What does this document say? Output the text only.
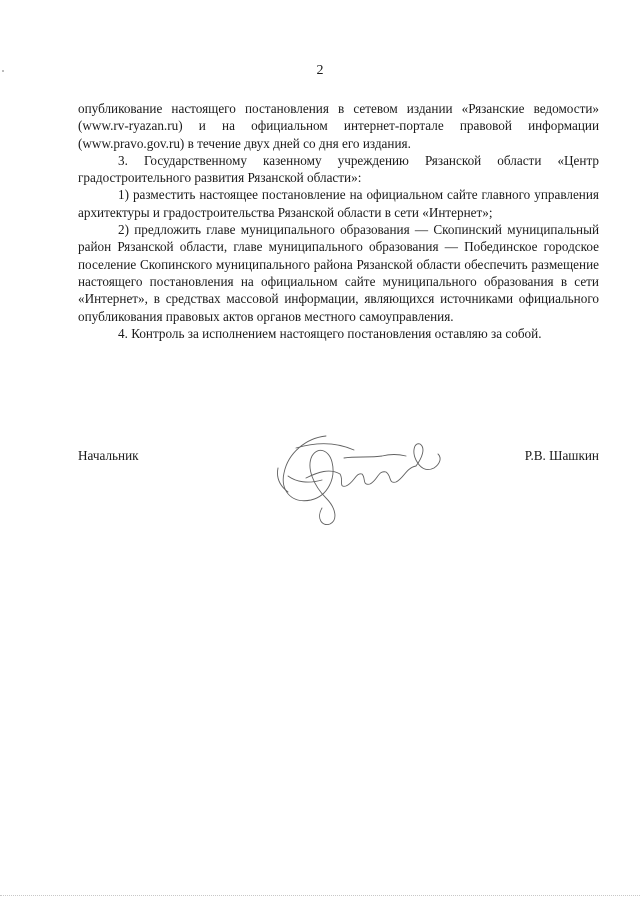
2

опубликование настоящего постановления в сетевом издании «Рязанские ведомости» (www.rv-ryazan.ru) и на официальном интернет-портале правовой информации (www.pravo.gov.ru) в течение двух дней со дня его издания.

3. Государственному казенному учреждению Рязанской области «Центр градостроительного развития Рязанской области»:

1) разместить настоящее постановление на официальном сайте главного управления архитектуры и градостроительства Рязанской области в сети «Интернет»;

2) предложить главе муниципального образования — Скопинский муниципальный район Рязанской области, главе муниципального образования — Побединское городское поселение Скопинского муниципального района Рязанской области обеспечить размещение настоящего постановления на официальном сайте муниципального образования в сети «Интернет», в средствах массовой информации, являющихся источниками официального опубликования правовых актов органов местного самоуправления.

4. Контроль за исполнением настоящего постановления оставляю за собой.

Начальник	Р.В. Шашкин
